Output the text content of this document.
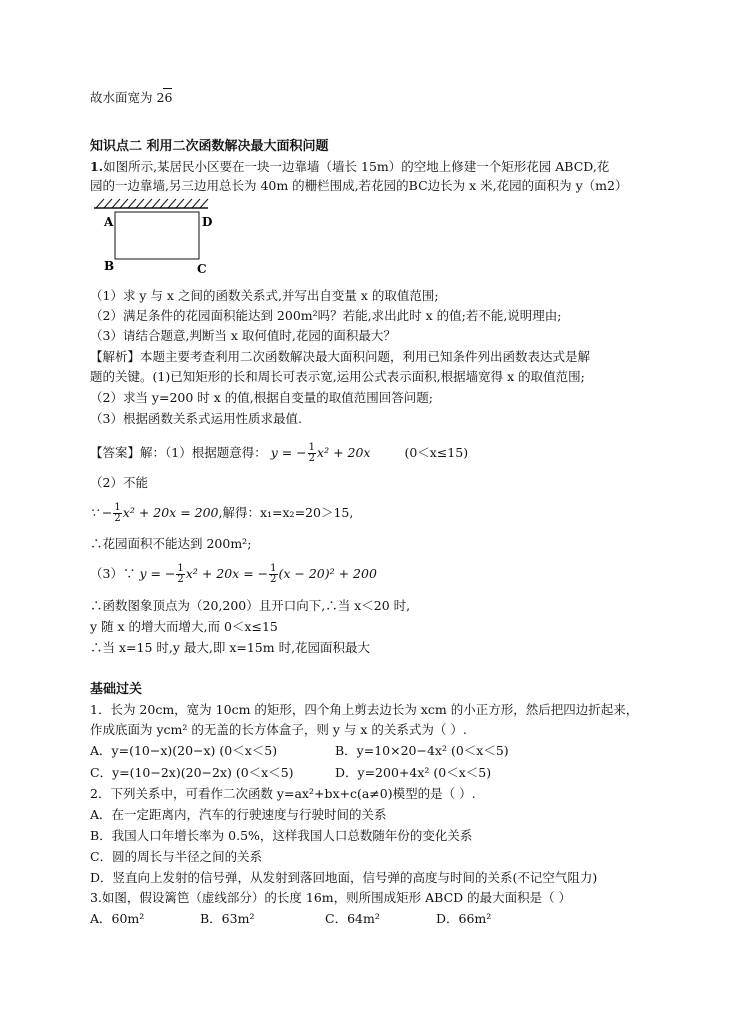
故水面宽为 26
知识点二 利用二次函数解决最大面积问题
1.如图所示,某居民小区要在一块一边靠墙（墙长 15m）的空地上修建一个矩形花园 ABCD,花
园的一边靠墙,另三边用总长为 40m 的栅栏围成,若花园的BC边长为 x 米,花园的面积为 y（m2）
A	D
B	C
（1）求 y 与 x 之间的函数关系式,并写出自变量 x 的取值范围;
（2）满足条件的花园面积能达到 200m²吗？若能,求出此时 x 的值;若不能,说明理由;
（3）请结合题意,判断当 x 取何值时,花园的面积最大？
【解析】本题主要考查利用二次函数解决最大面积问题，利用已知条件列出函数表达式是解
题的关键。(1)已知矩形的长和周长可表示宽,运用公式表示面积,根据墙宽得 x 的取值范围;
（2）求当 y=200 时 x 的值,根据自变量的取值范围回答问题;
（3）根据函数关系式运用性质求最值.
【答案】解：（1）根据题意得： y = − $\frac{1}{2} x^2 + 20x$	(0＜x≤15)
（2）不能
∵ − $\frac{1}{2} x^2 + 20x = 200$,解得：x₁=x₂=20＞15,
∴花园面积不能达到 200m²;
（3）∵ y = − $\frac{1}{2} x^2 + 20x$ = − $\frac{1}{2} (x - 20)^2 + 200$
∴函数图象顶点为（20,200）且开口向下,∴当 x＜20 时,
y 随 x 的增大而增大,而 0＜x≤15
∴当 x=15 时,y 最大,即 x=15m 时,花园面积最大
基础过关
1．长为 20cm，宽为 10cm 的矩形，四个角上剪去边长为 xcm 的小正方形，然后把四边折起来，
作成底面为 ycm² 的无盖的长方体盒子，则 y 与 x 的关系式为（ ）.
A．y=(10−x)(20−x) (0＜x＜5)	B．y=10×20−4x² (0＜x＜5)
C．y=(10−2x)(20−2x) (0＜x＜5)	D．y=200+4x² (0＜x＜5)
2．下列关系中，可看作二次函数 y=ax²+bx+c(a≠0)模型的是（ ）.
A．在一定距离内，汽车的行驶速度与行驶时间的关系
B．我国人口年增长率为 0.5%，这样我国人口总数随年份的变化关系
C．圆的周长与半径之间的关系
D．竖直向上发射的信号弹，从发射到落回地面，信号弹的高度与时间的关系(不记空气阻力)
3.如图，假设篱笆（虚线部分）的长度 16m，则所围成矩形 ABCD 的最大面积是（ ）
A．60m²	B．63m²	C．64m²	D．66m²
